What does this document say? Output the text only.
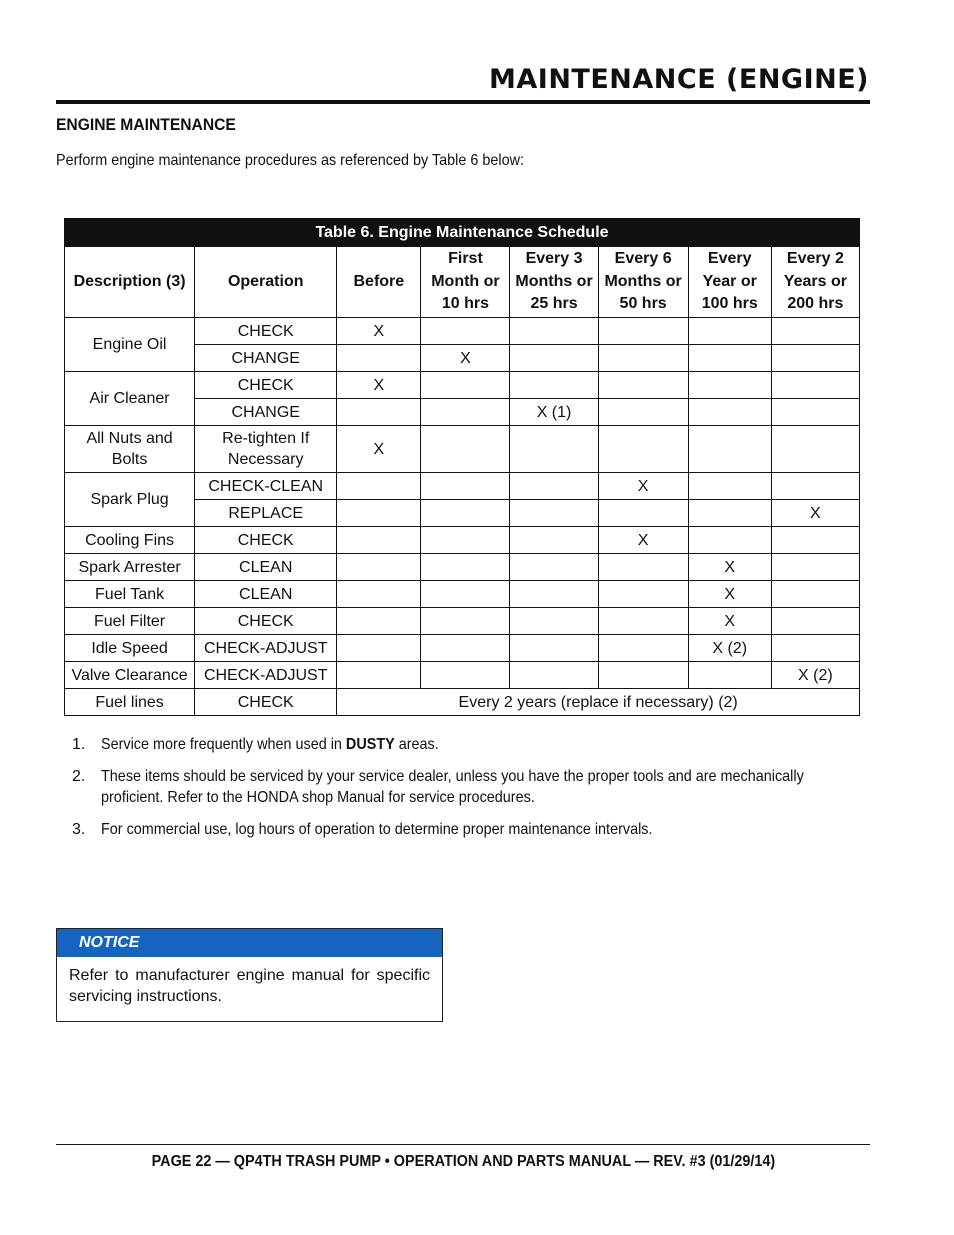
MAINTENANCE (ENGINE)
ENGINE MAINTENANCE
Perform engine maintenance procedures as referenced by Table 6 below:
Table 6. Engine Maintenance Schedule							
Description (3)	Operation	Before	First Month or 10 hrs	Every 3 Months or 25 hrs	Every 6 Months or 50 hrs	Every Year or 100 hrs	Every 2 Years or 200 hrs
Engine Oil	CHECK	X					
	CHANGE		X				
Air Cleaner	CHECK	X					
	CHANGE			X (1)			
All Nuts and Bolts	Re-tighten If Necessary	X					
Spark Plug	CHECK-CLEAN				X		
	REPLACE						X
Cooling Fins	CHECK				X		
Spark Arrester	CLEAN					X	
Fuel Tank	CLEAN					X	
Fuel Filter	CHECK					X	
Idle Speed	CHECK-ADJUST					X (2)	
Valve Clearance	CHECK-ADJUST						X (2)
Fuel lines	CHECK	Every 2 years (replace if necessary) (2)					
1. Service more frequently when used in DUSTY areas.
2. These items should be serviced by your service dealer, unless you have the proper tools and are mechanically proficient. Refer to the HONDA shop Manual for service procedures.
3. For commercial use, log hours of operation to determine proper maintenance intervals.
NOTICE
Refer to manufacturer engine manual for specific servicing instructions.
PAGE 22 — QP4TH TRASH PUMP • OPERATION AND PARTS MANUAL — REV. #3 (01/29/14)
